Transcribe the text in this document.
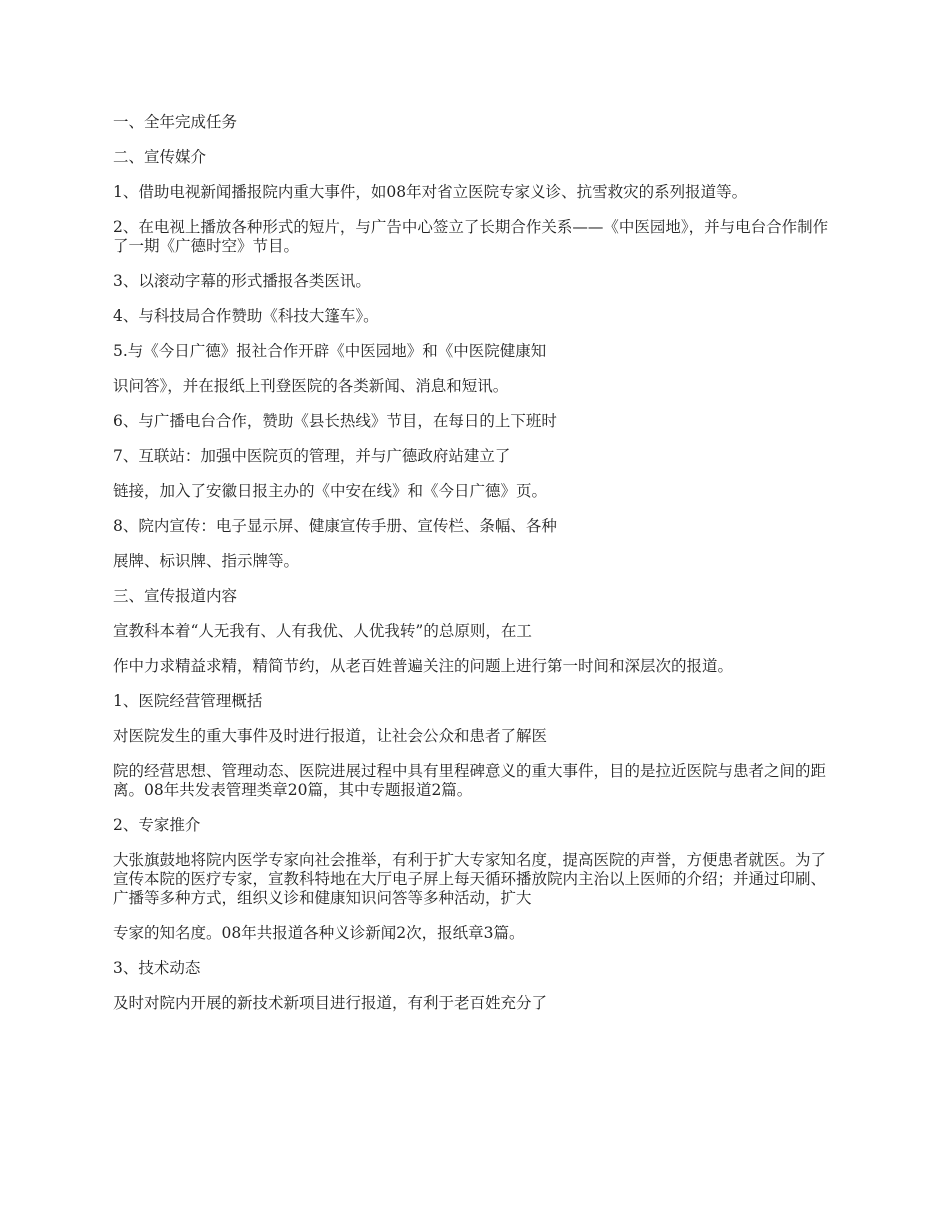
一、全年完成任务

二、宣传媒介

1、借助电视新闻播报院内重大事件，如08年对省立医院专家义诊、抗雪救灾的系列报道等。

2、在电视上播放各种形式的短片，与广告中心签立了长期合作关系——《中医园地》，并与电台合作制作了一期《广德时空》节目。

3、以滚动字幕的形式播报各类医讯。

4、与科技局合作赞助《科技大篷车》。

5.与《今日广德》报社合作开辟《中医园地》和《中医院健康知

识问答》，并在报纸上刊登医院的各类新闻、消息和短讯。

6、与广播电台合作，赞助《县长热线》节目，在每日的上下班时

7、互联站：加强中医院页的管理，并与广德政府站建立了

链接，加入了安徽日报主办的《中安在线》和《今日广德》页。

8、院内宣传：电子显示屏、健康宣传手册、宣传栏、条幅、各种

展牌、标识牌、指示牌等。

三、宣传报道内容

宣教科本着“人无我有、人有我优、人优我转”的总原则，在工

作中力求精益求精，精简节约，从老百姓普遍关注的问题上进行第一时间和深层次的报道。

1、医院经营管理概括

对医院发生的重大事件及时进行报道，让社会公众和患者了解医

院的经营思想、管理动态、医院进展过程中具有里程碑意义的重大事件，目的是拉近医院与患者之间的距离。08年共发表管理类章20篇，其中专题报道2篇。

2、专家推介

大张旗鼓地将院内医学专家向社会推举，有利于扩大专家知名度，提高医院的声誉，方便患者就医。为了宣传本院的医疗专家，宣教科特地在大厅电子屏上每天循环播放院内主治以上医师的介绍；并通过印刷、广播等多种方式，组织义诊和健康知识问答等多种活动，扩大

专家的知名度。08年共报道各种义诊新闻2次，报纸章3篇。

3、技术动态

及时对院内开展的新技术新项目进行报道，有利于老百姓充分了
